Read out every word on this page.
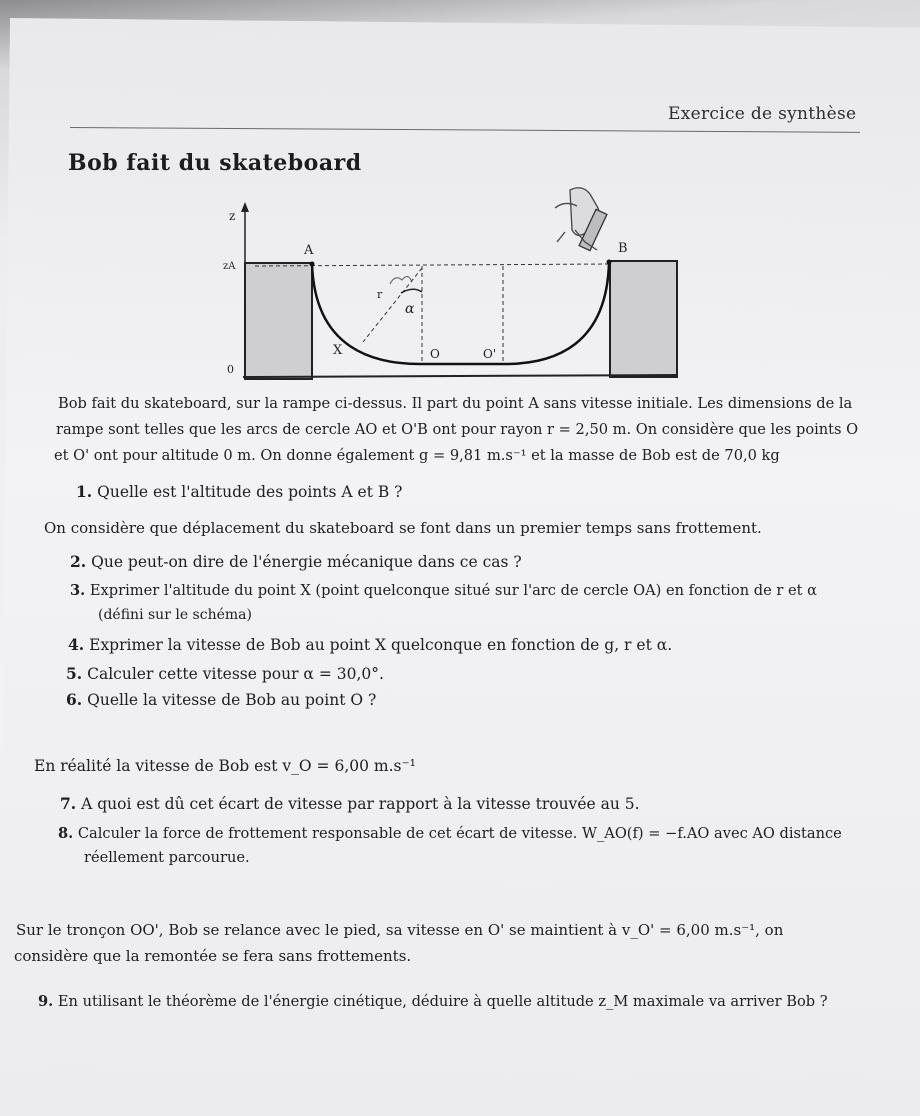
Exercice de synthèse
Bob fait du skateboard
z
zA
0
A	B
r
α
X	O	O'
Bob fait du skateboard, sur la rampe ci-dessus. Il part du point A sans vitesse initiale. Les dimensions de la
rampe sont telles que les arcs de cercle AO et O'B ont pour rayon r = 2,50 m. On considère que les points O
et O' ont pour altitude 0 m. On donne également g = 9,81 m.s⁻¹ et la masse de Bob est de 70,0 kg
1. Quelle est l'altitude des points A et B ?
On considère que déplacement du skateboard se font dans un premier temps sans frottement.
2. Que peut-on dire de l'énergie mécanique dans ce cas ?
3. Exprimer l'altitude du point X (point quelconque situé sur l'arc de cercle OA) en fonction de r et α
(défini sur le schéma)
4. Exprimer la vitesse de Bob au point X quelconque en fonction de g, r et α.
5. Calculer cette vitesse pour α = 30,0°.
6. Quelle la vitesse de Bob au point O ?
En réalité la vitesse de Bob est v_O = 6,00 m.s⁻¹
7. A quoi est dû cet écart de vitesse par rapport à la vitesse trouvée au 5.
8. Calculer la force de frottement responsable de cet écart de vitesse. W_AO(f) = −f.AO avec AO distance
réellement parcourue.
Sur le tronçon OO', Bob se relance avec le pied, sa vitesse en O' se maintient à v_O' = 6,00 m.s⁻¹, on
considère que la remontée se fera sans frottements.
9. En utilisant le théorème de l'énergie cinétique, déduire à quelle altitude z_M maximale va arriver Bob ?
